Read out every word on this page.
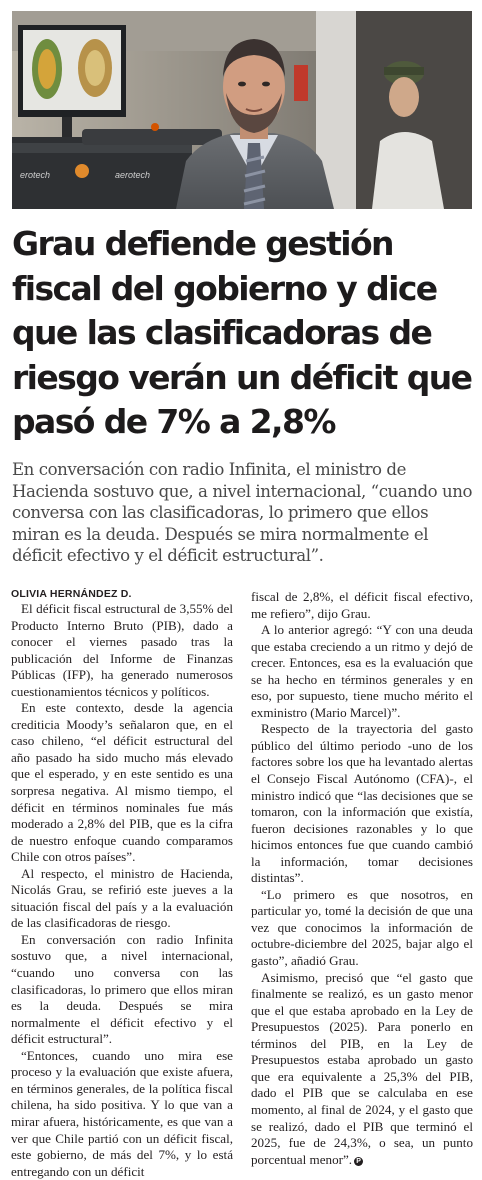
erotech	aerotech
Grau defiende gestión fiscal del gobierno y dice que las clasificadoras de riesgo verán un déficit que pasó de 7% a 2,8%

En conversación con radio Infinita, el ministro de Hacienda sostuvo que, a nivel internacional, “cuando uno conversa con las clasificadoras, lo primero que ellos miran es la deuda. Después se mira normalmente el déficit efectivo y el déficit estructural”.

OLIVIA HERNÁNDEZ D.

El déficit fiscal estructural de 3,55% del Producto Interno Bruto (PIB), dado a conocer el viernes pasado tras la publicación del Informe de Finanzas Públicas (IFP), ha generado numerosos cuestionamientos técnicos y políticos.

En este contexto, desde la agencia crediticia Moody’s señalaron que, en el caso chileno, “el déficit estructural del año pasado ha sido mucho más elevado que el esperado, y en este sentido es una sorpresa negativa. Al mismo tiempo, el déficit en términos nominales fue más moderado a 2,8% del PIB, que es la cifra de nuestro enfoque cuando comparamos Chile con otros países”.

Al respecto, el ministro de Hacienda, Nicolás Grau, se refirió este jueves a la situación fiscal del país y a la evaluación de las clasificadoras de riesgo.

En conversación con radio Infinita sostuvo que, a nivel internacional, “cuando uno conversa con las clasificadoras, lo primero que ellos miran es la deuda. Después se mira normalmente el déficit efectivo y el déficit estructural”.

“Entonces, cuando uno mira ese proceso y la evaluación que existe afuera, en términos generales, de la política fiscal chilena, ha sido positiva. Y lo que van a mirar afuera, históricamente, es que van a ver que Chile partió con un déficit fiscal, este gobierno, de más del 7%, y lo está entregando con un déficit

fiscal de 2,8%, el déficit fiscal efectivo, me refiero”, dijo Grau.

A lo anterior agregó: “Y con una deuda que estaba creciendo a un ritmo y dejó de crecer. Entonces, esa es la evaluación que se ha hecho en términos generales y en eso, por supuesto, tiene mucho mérito el exministro (Mario Marcel)”.

Respecto de la trayectoria del gasto público del último periodo -uno de los factores sobre los que ha levantado alertas el Consejo Fiscal Autónomo (CFA)-, el ministro indicó que “las decisiones que se tomaron, con la información que existía, fueron decisiones razonables y lo que hicimos entonces fue que cuando cambió la información, tomar decisiones distintas”.

“Lo primero es que nosotros, en particular yo, tomé la decisión de que una vez que conocimos la información de octubre-diciembre del 2025, bajar algo el gasto”, añadió Grau.

Asimismo, precisó que “el gasto que finalmente se realizó, es un gasto menor que el que estaba aprobado en la Ley de Presupuestos (2025). Para ponerlo en términos del PIB, en la Ley de Presupuestos estaba aprobado un gasto que era equivalente a 25,3% del PIB, dado el PIB que se calculaba en ese momento, al final de 2024, y el gasto que se realizó, dado el PIB que terminó el 2025, fue de 24,3%, o sea, un punto porcentual menor”. P
